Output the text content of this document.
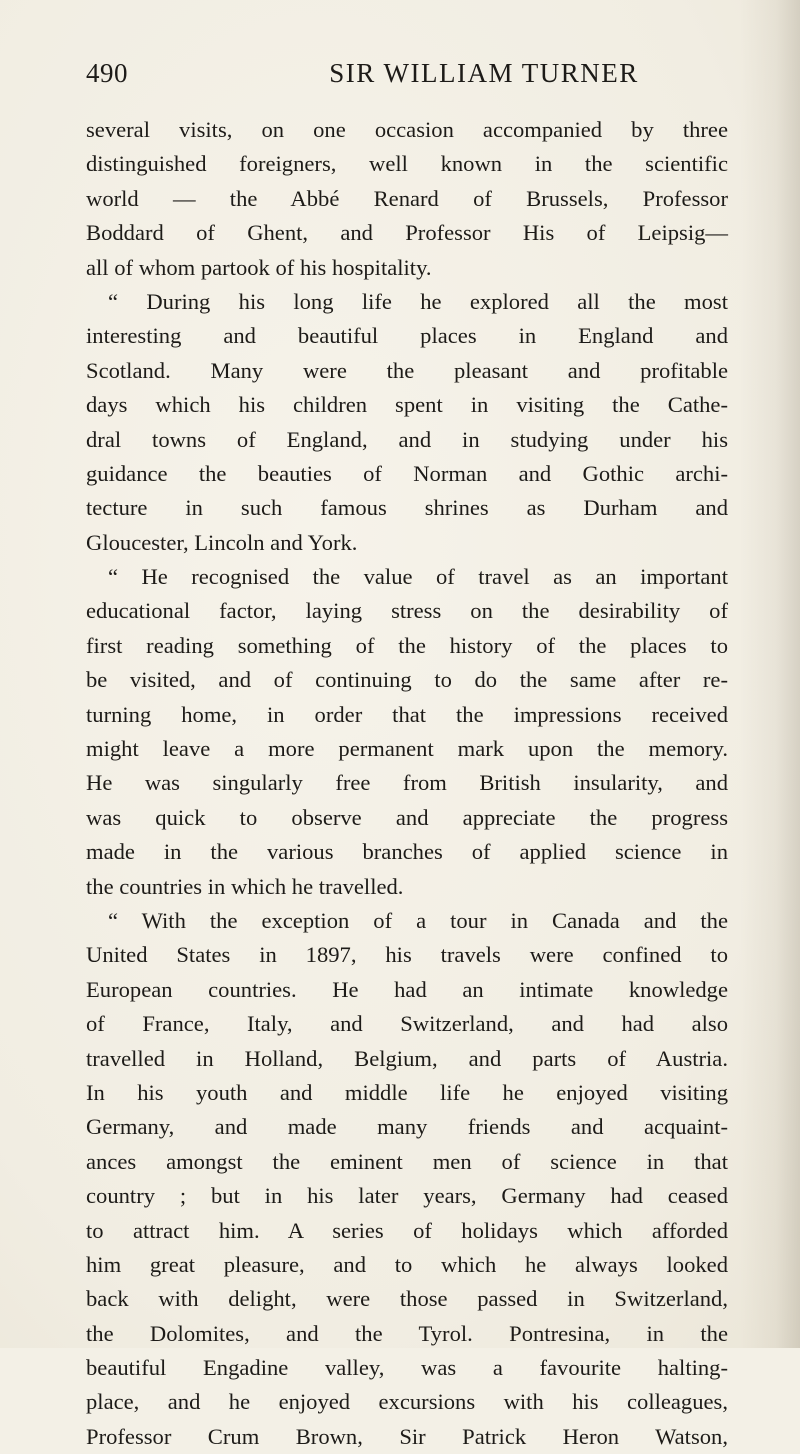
490	SIR WILLIAM TURNER
several visits, on one occasion accompanied by three
distinguished foreigners, well known in the scientific
world — the Abbé Renard of Brussels, Professor
Boddard of Ghent, and Professor His of Leipsig—
all of whom partook of his hospitality.
“ During his long life he explored all the most
interesting and beautiful places in England and
Scotland. Many were the pleasant and profitable
days which his children spent in visiting the Cathe-
dral towns of England, and in studying under his
guidance the beauties of Norman and Gothic archi-
tecture in such famous shrines as Durham and
Gloucester, Lincoln and York.
“ He recognised the value of travel as an important
educational factor, laying stress on the desirability of
first reading something of the history of the places to
be visited, and of continuing to do the same after re-
turning home, in order that the impressions received
might leave a more permanent mark upon the memory.
He was singularly free from British insularity, and
was quick to observe and appreciate the progress
made in the various branches of applied science in
the countries in which he travelled.
“ With the exception of a tour in Canada and the
United States in 1897, his travels were confined to
European countries. He had an intimate knowledge
of France, Italy, and Switzerland, and had also
travelled in Holland, Belgium, and parts of Austria.
In his youth and middle life he enjoyed visiting
Germany, and made many friends and acquaint-
ances amongst the eminent men of science in that
country ; but in his later years, Germany had ceased
to attract him. A series of holidays which afforded
him great pleasure, and to which he always looked
back with delight, were those passed in Switzerland,
the Dolomites, and the Tyrol. Pontresina, in the
beautiful Engadine valley, was a favourite halting-
place, and he enjoyed excursions with his colleagues,
Professor Crum Brown, Sir Patrick Heron Watson,
